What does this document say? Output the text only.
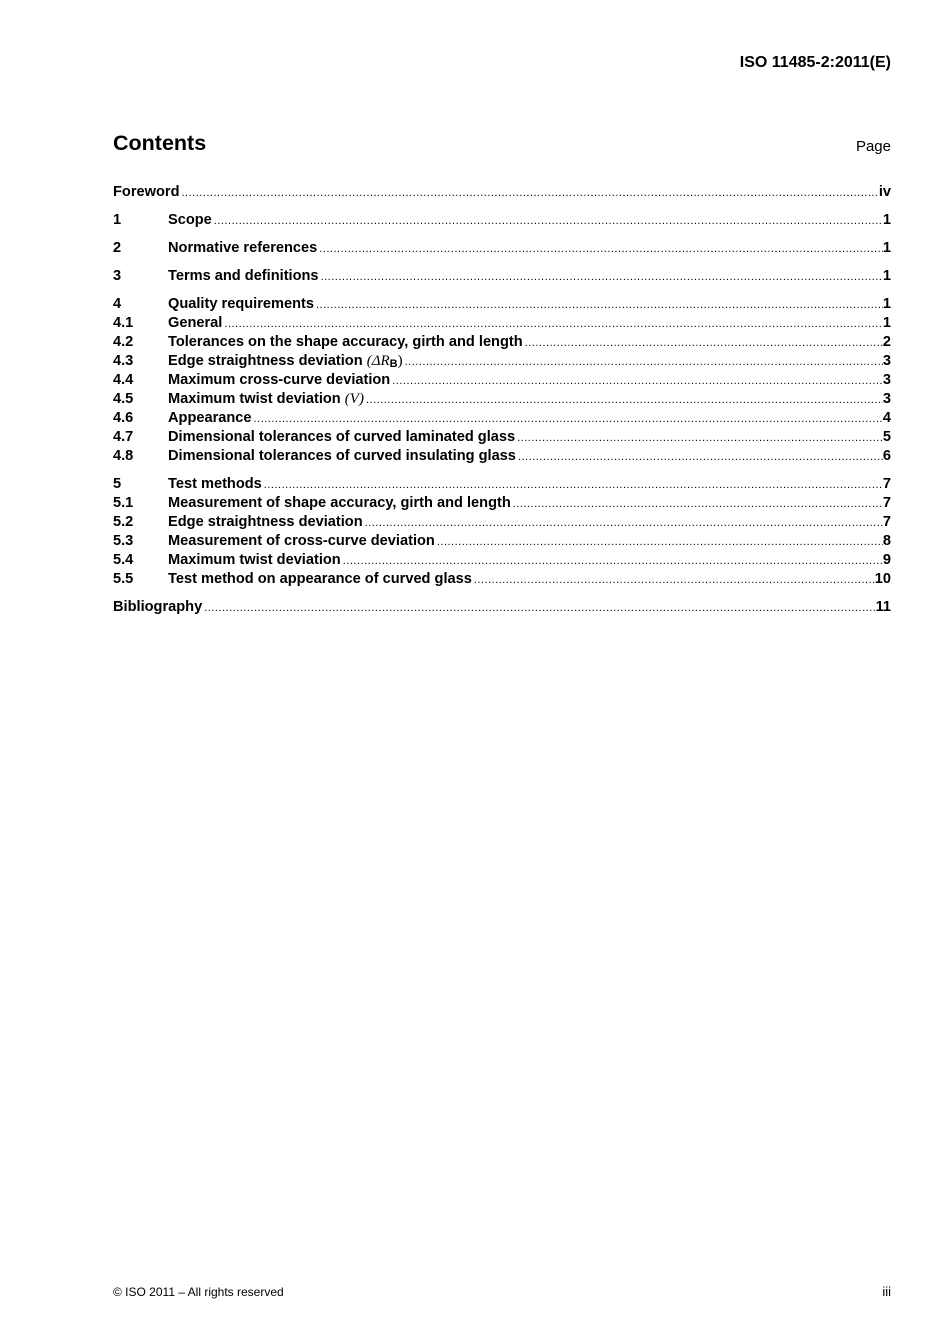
ISO 11485-2:2011(E)
Contents	Page
Foreword .....	iv
1	Scope .....	1
2	Normative references .....	1
3	Terms and definitions .....	1
4	Quality requirements .....	1
4.1	General .....	1
4.2	Tolerances on the shape accuracy, girth and length .....	2
4.3	Edge straightness deviation (ΔRB) .....	3
4.4	Maximum cross-curve deviation .....	3
4.5	Maximum twist deviation (V) .....	3
4.6	Appearance .....	4
4.7	Dimensional tolerances of curved laminated glass .....	5
4.8	Dimensional tolerances of curved insulating glass .....	6
5	Test methods .....	7
5.1	Measurement of shape accuracy, girth and length .....	7
5.2	Edge straightness deviation .....	7
5.3	Measurement of cross-curve deviation .....	8
5.4	Maximum twist deviation .....	9
5.5	Test method on appearance of curved glass .....	10
Bibliography .....	11
© ISO 2011 – All rights reserved	iii
